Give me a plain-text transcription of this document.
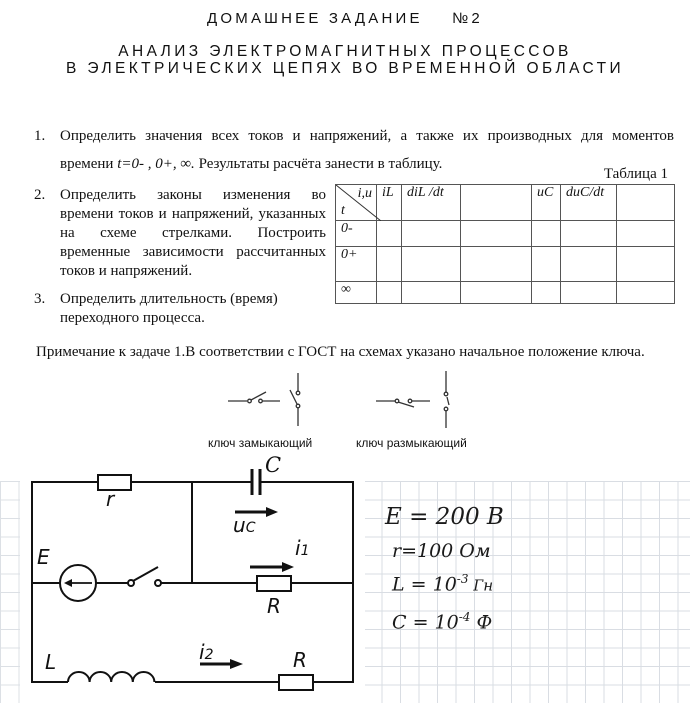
ДОМАШНЕЕ ЗАДАНИЕ    №2
АНАЛИЗ ЭЛЕКТРОМАГНИТНЫХ ПРОЦЕССОВ
В ЭЛЕКТРИЧЕСКИХ ЦЕПЯХ ВО ВРЕМЕННОЙ ОБЛАСТИ
1. Определить значения всех токов и напряжений, а также их производных для моментов
времени t=0- , 0+, ∞. Результаты расчёта занести в таблицу.
Таблица 1
2. Определить законы изменения во времени токов и напряжений, указанных на схеме стрелками. Построить временные зависимости рассчитанных токов и напряжений.
3. Определить длительность (время) переходного процесса.
i,u
t	iL	diL /dt		uC	duC/dt	
0-						
0+						
∞						
Примечание к задаче 1.В соответствии с ГОСТ на схемах указано начальное положение ключа.
ключ замыкающий	ключ размыкающий
r
C
uC
E	i1
R
L	i2	R
E = 200 В
r=100 Ом
$L = 10^{-3}$ Гн
$C = 10^{-4}$ Ф
